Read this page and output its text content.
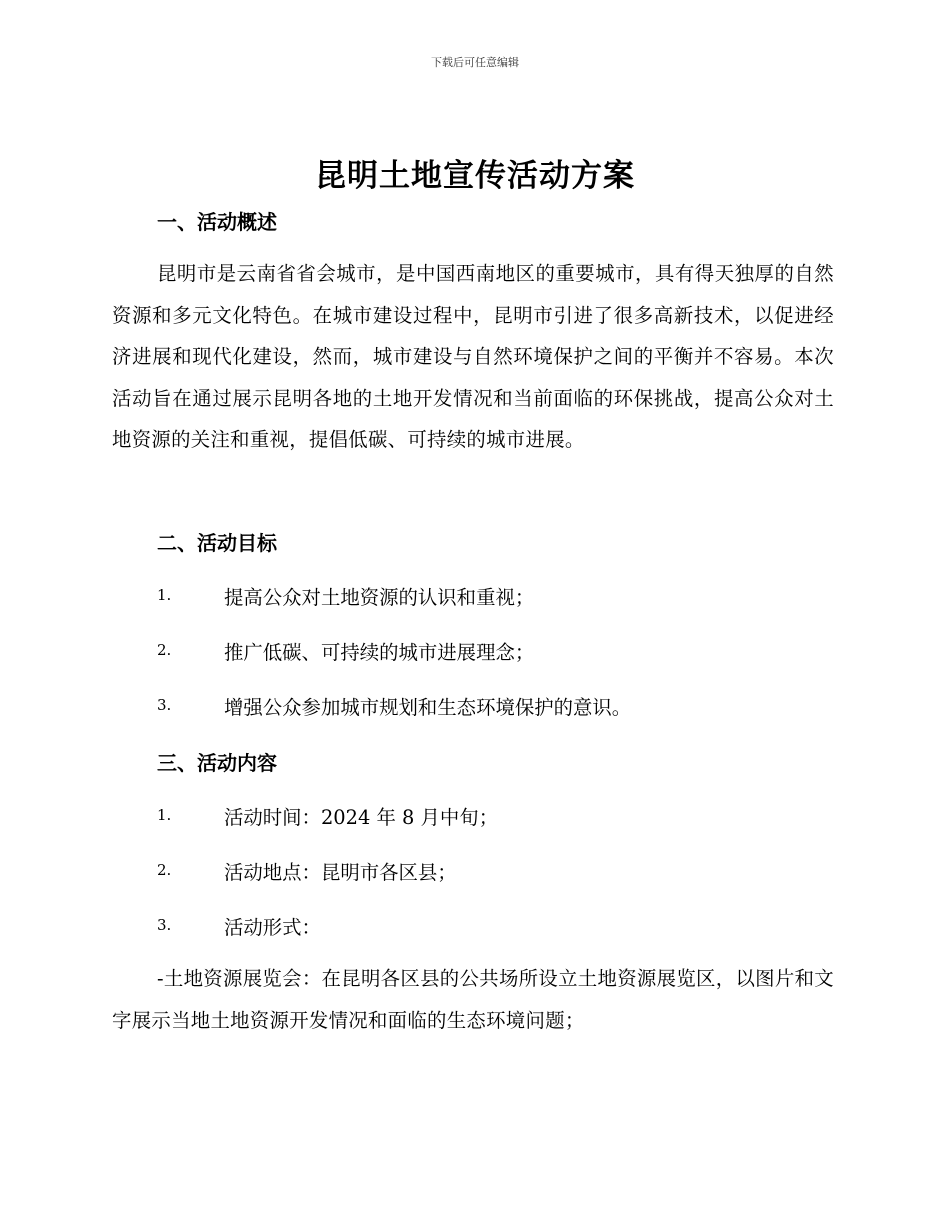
下载后可任意编辑
昆明土地宣传活动方案
一、活动概述
昆明市是云南省省会城市，是中国西南地区的重要城市，具有得天独厚的自然资源和多元文化特色。在城市建设过程中，昆明市引进了很多高新技术，以促进经济进展和现代化建设，然而，城市建设与自然环境保护之间的平衡并不容易。本次活动旨在通过展示昆明各地的土地开发情况和当前面临的环保挑战，提高公众对土地资源的关注和重视，提倡低碳、可持续的城市进展。
二、活动目标
1.	提高公众对土地资源的认识和重视；
2.	推广低碳、可持续的城市进展理念；
3.	增强公众参加城市规划和生态环境保护的意识。
三、活动内容
1.	活动时间：2024 年 8 月中旬；
2.	活动地点：昆明市各区县；
3.	活动形式：
-土地资源展览会：在昆明各区县的公共场所设立土地资源展览区，以图片和文字展示当地土地资源开发情况和面临的生态环境问题；
